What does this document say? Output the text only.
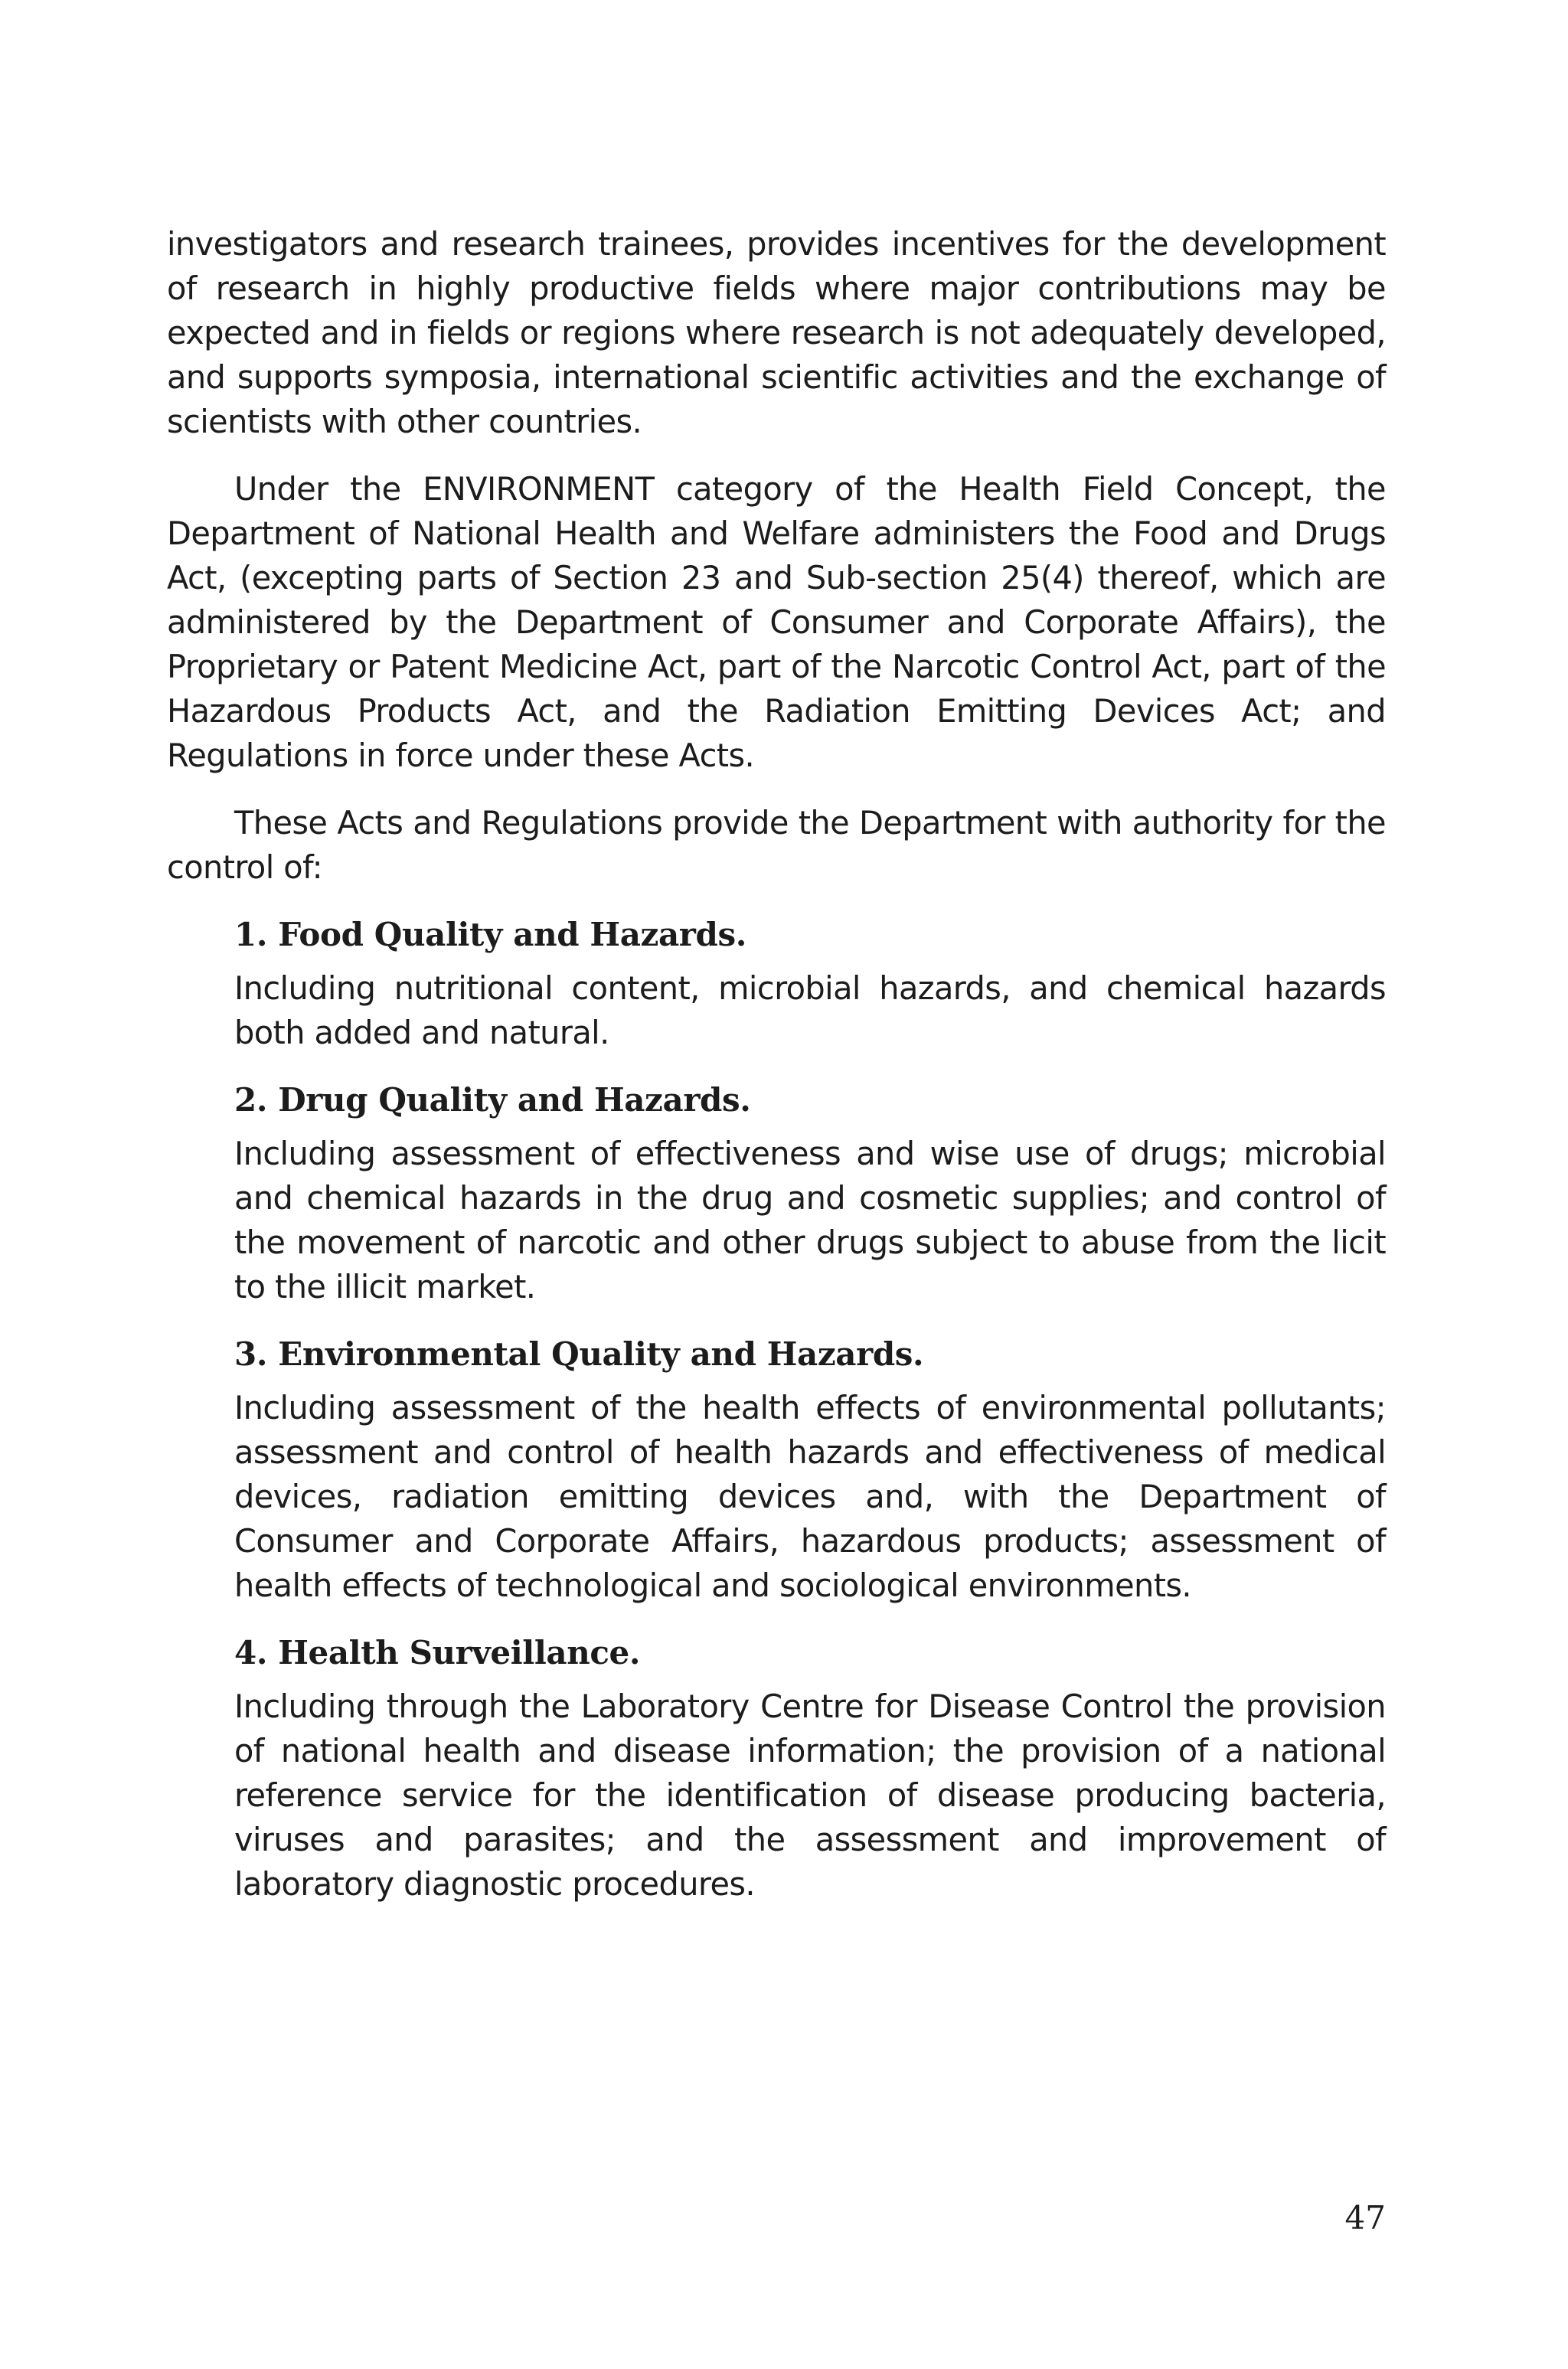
investigators and research trainees, provides incentives for the development of research in highly productive fields where major contributions may be expected and in fields or regions where research is not adequately developed, and supports symposia, international scientific activities and the exchange of scientists with other countries.

Under the ENVIRONMENT category of the Health Field Concept, the Department of National Health and Welfare administers the Food and Drugs Act, (excepting parts of Section 23 and Sub-section 25(4) thereof, which are administered by the Department of Consumer and Corporate Affairs), the Proprietary or Patent Medicine Act, part of the Narcotic Control Act, part of the Hazardous Products Act, and the Radiation Emitting Devices Act; and Regulations in force under these Acts.

These Acts and Regulations provide the Department with authority for the control of:

1. Food Quality and Hazards.

Including nutritional content, microbial hazards, and chemical hazards both added and natural.

2. Drug Quality and Hazards.

Including assessment of effectiveness and wise use of drugs; microbial and chemical hazards in the drug and cosmetic supplies; and control of the movement of narcotic and other drugs subject to abuse from the licit to the illicit market.

3. Environmental Quality and Hazards.

Including assessment of the health effects of environmental pollutants; assessment and control of health hazards and effectiveness of medical devices, radiation emitting devices and, with the Department of Consumer and Corporate Affairs, hazardous products; assessment of health effects of technological and sociological environments.

4. Health Surveillance.

Including through the Laboratory Centre for Disease Control the provision of national health and disease information; the provision of a national reference service for the identification of disease producing bacteria, viruses and parasites; and the assessment and improvement of laboratory diagnostic procedures.

47
